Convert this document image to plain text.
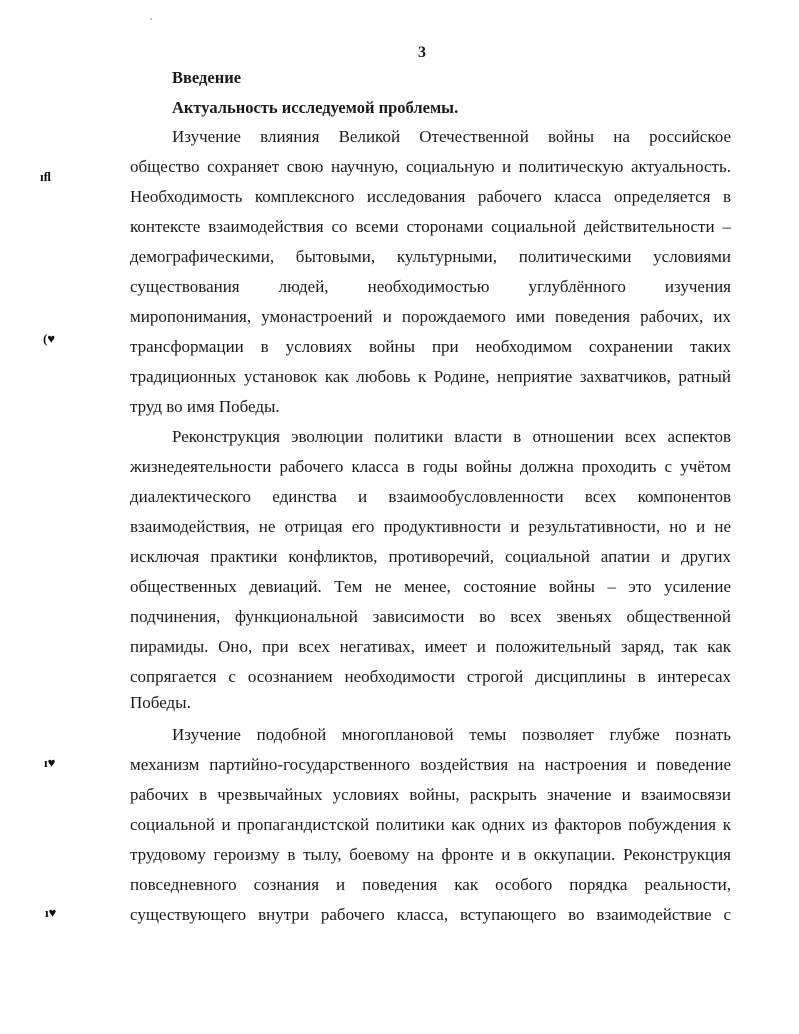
3
Введение
Актуальность исследуемой проблемы.
ıﬂ
(♥
ı♥
ı♥
Изучение влияния Великой Отечественной войны на российское
общество сохраняет свою научную, социальную и политическую актуальность.
Необходимость комплексного исследования рабочего класса определяется в
контексте взаимодействия со всеми сторонами социальной действительности –
демографическими, бытовыми, культурными, политическими условиями
существования людей, необходимостью углублённого изучения
миропонимания, умонастроений и порождаемого ими поведения рабочих, их
трансформации в условиях войны при необходимом сохранении таких
традиционных установок как любовь к Родине, неприятие захватчиков, ратный
труд во имя Победы.
Реконструкция эволюции политики власти в отношении всех аспектов
жизнедеятельности рабочего класса в годы войны должна проходить с учётом
диалектического единства и взаимообусловленности всех компонентов
взаимодействия, не отрицая его продуктивности и результативности, но и не
исключая практики конфликтов, противоречий, социальной апатии и других
общественных девиаций. Тем не менее, состояние войны – это усиление
подчинения, функциональной зависимости во всех звеньях общественной
пирамиды. Оно, при всех негативах, имеет и положительный заряд, так как
сопрягается с осознанием необходимости строгой дисциплины в интересах
Победы.
Изучение подобной многоплановой темы позволяет глубже познать
механизм партийно-государственного воздействия на настроения и поведение
рабочих в чрезвычайных условиях войны, раскрыть значение и взаимосвязи
социальной и пропагандистской политики как одних из факторов побуждения к
трудовому героизму в тылу, боевому на фронте и в оккупации. Реконструкция
повседневного сознания и поведения как особого порядка реальности,
существующего внутри рабочего класса, вступающего во взаимодействие с
